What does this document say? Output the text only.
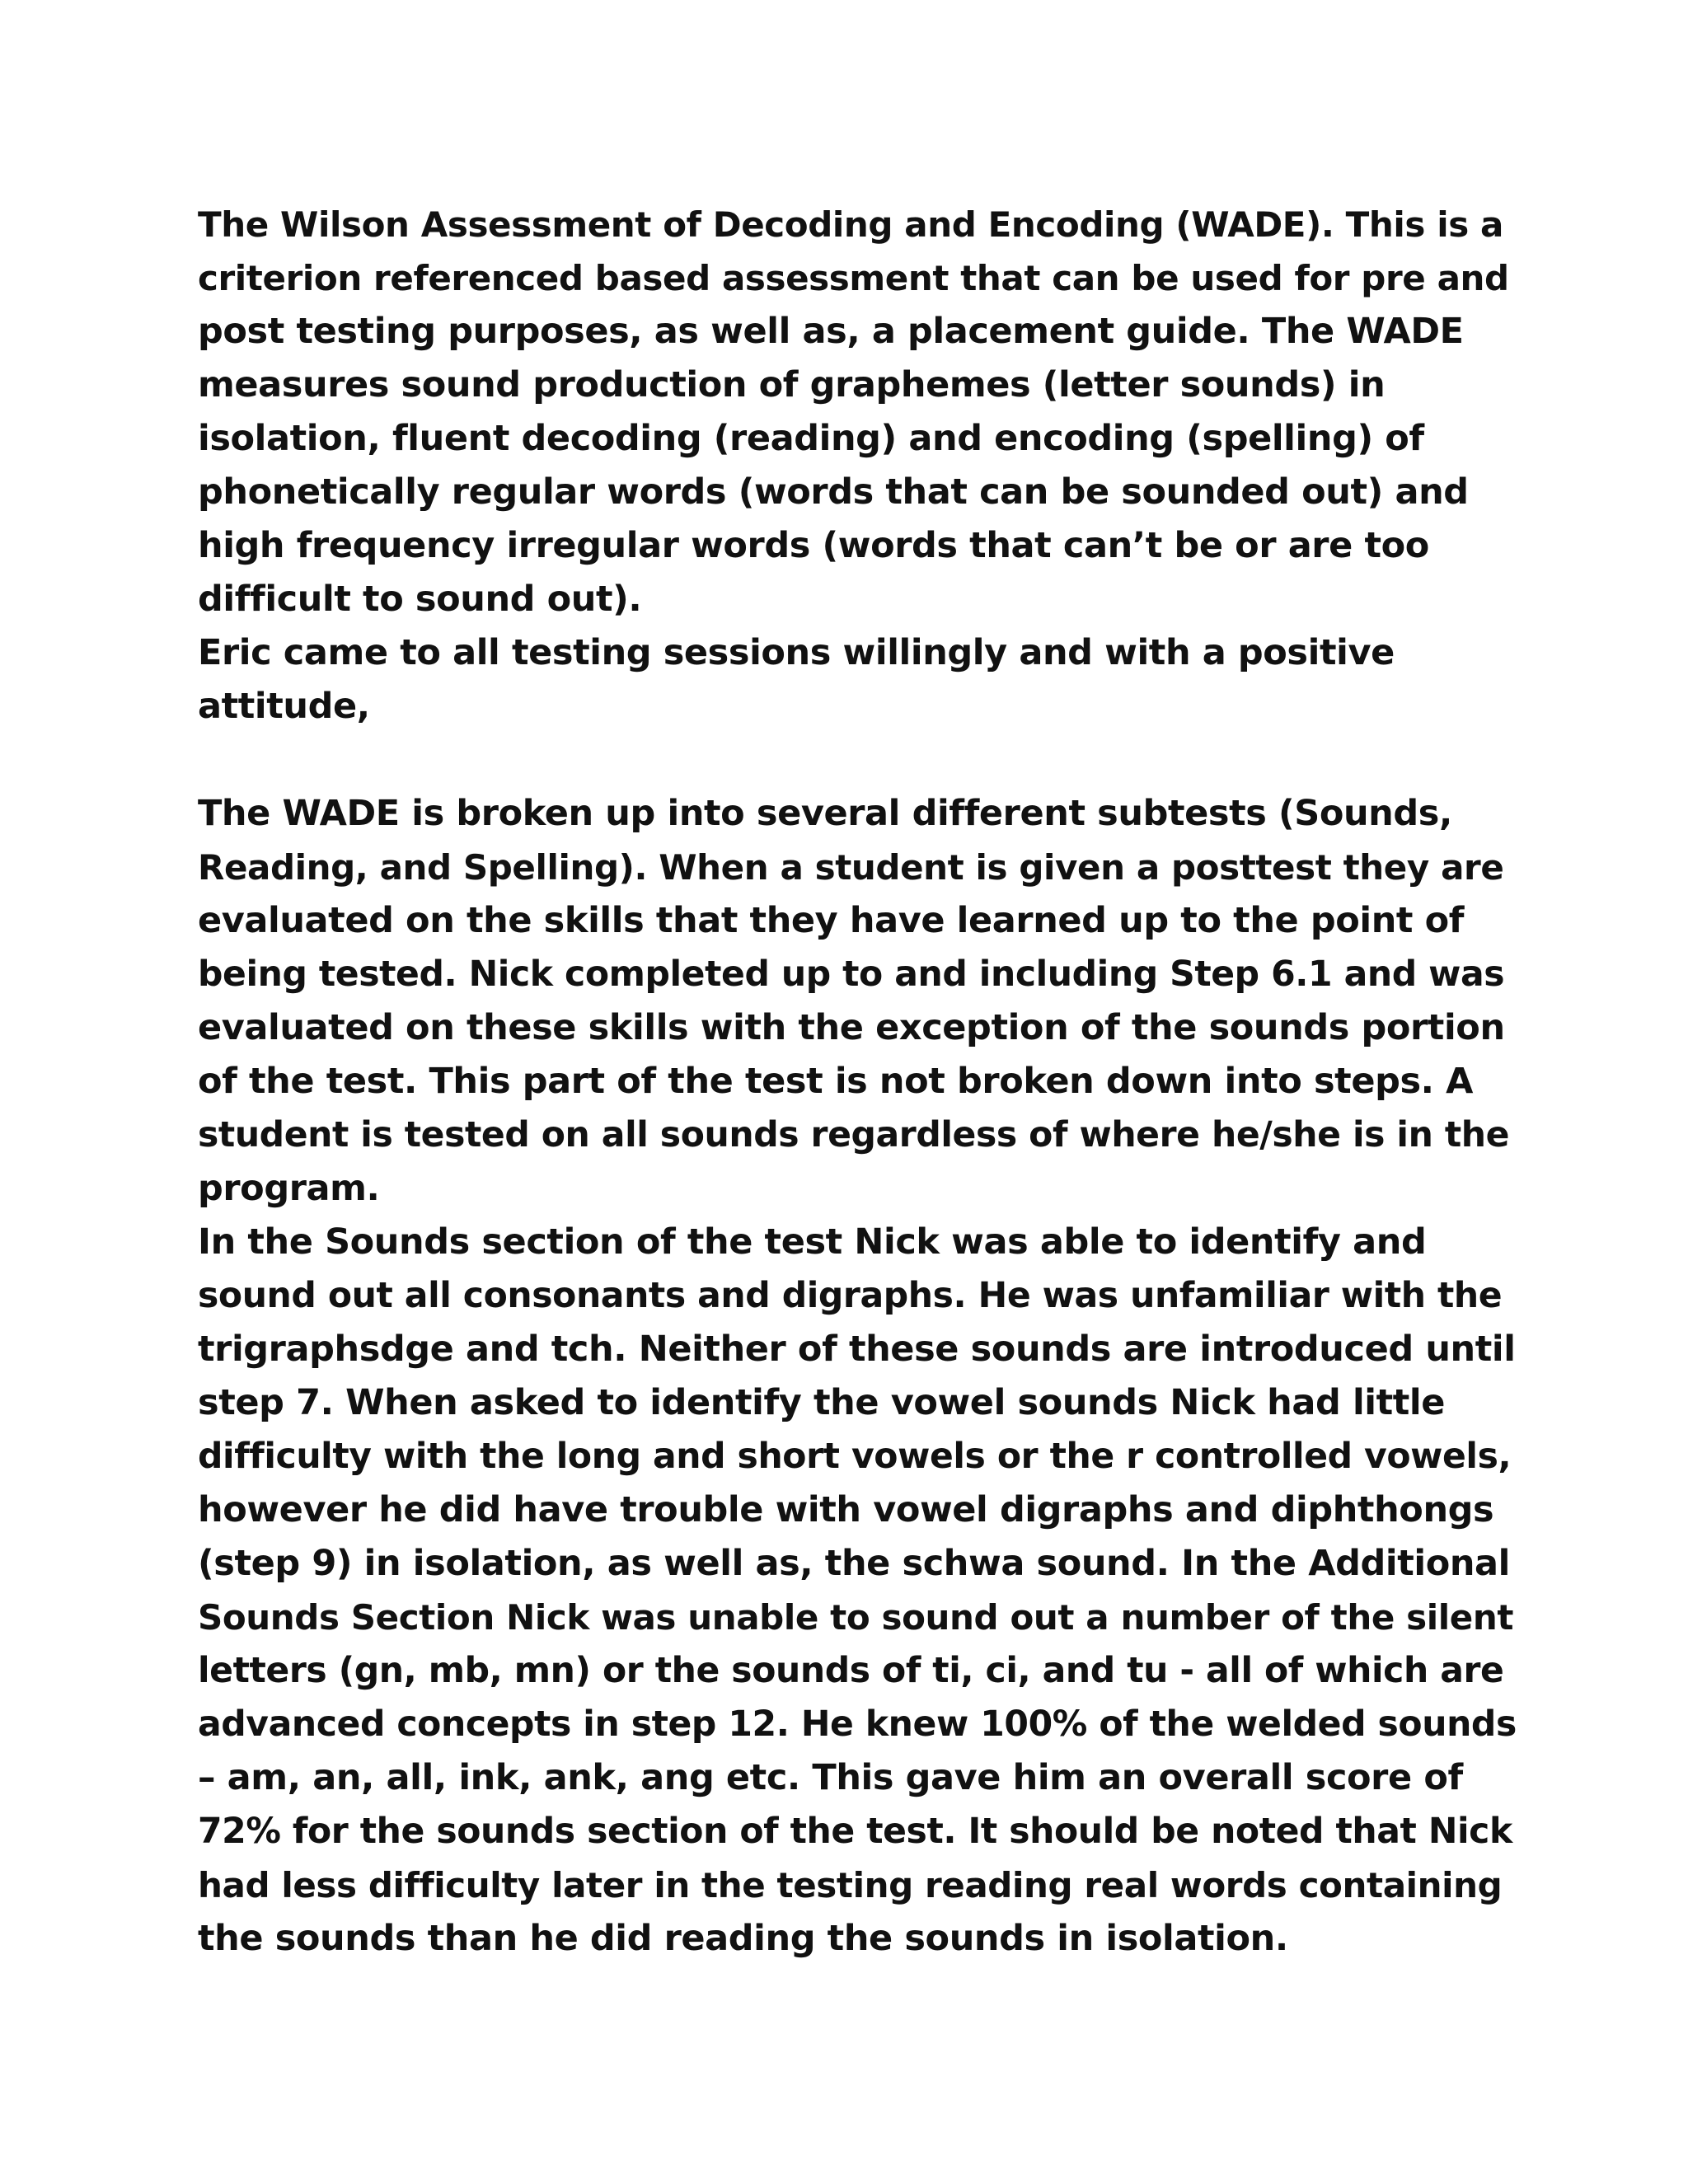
The Wilson Assessment of Decoding and Encoding (WADE). This is a
criterion referenced based assessment that can be used for pre and
post testing purposes, as well as, a placement guide. The WADE
measures sound production of graphemes (letter sounds) in
isolation, fluent decoding (reading) and encoding (spelling) of
phonetically regular words (words that can be sounded out) and
high frequency irregular words (words that can’t be or are too
difficult to sound out).
Eric came to all testing sessions willingly and with a positive
attitude,
The WADE is broken up into several different subtests (Sounds,
Reading, and Spelling). When a student is given a posttest they are
evaluated on the skills that they have learned up to the point of
being tested. Nick completed up to and including Step 6.1 and was
evaluated on these skills with the exception of the sounds portion
of the test. This part of the test is not broken down into steps. A
student is tested on all sounds regardless of where he/she is in the
program.
In the Sounds section of the test Nick was able to identify and
sound out all consonants and digraphs. He was unfamiliar with the
trigraphsdge and tch. Neither of these sounds are introduced until
step 7. When asked to identify the vowel sounds Nick had little
difficulty with the long and short vowels or the r controlled vowels,
however he did have trouble with vowel digraphs and diphthongs
(step 9) in isolation, as well as, the schwa sound. In the Additional
Sounds Section Nick was unable to sound out a number of the silent
letters (gn, mb, mn) or the sounds of ti, ci, and tu - all of which are
advanced concepts in step 12. He knew 100% of the welded sounds
– am, an, all, ink, ank, ang etc. This gave him an overall score of
72% for the sounds section of the test. It should be noted that Nick
had less difficulty later in the testing reading real words containing
the sounds than he did reading the sounds in isolation.
